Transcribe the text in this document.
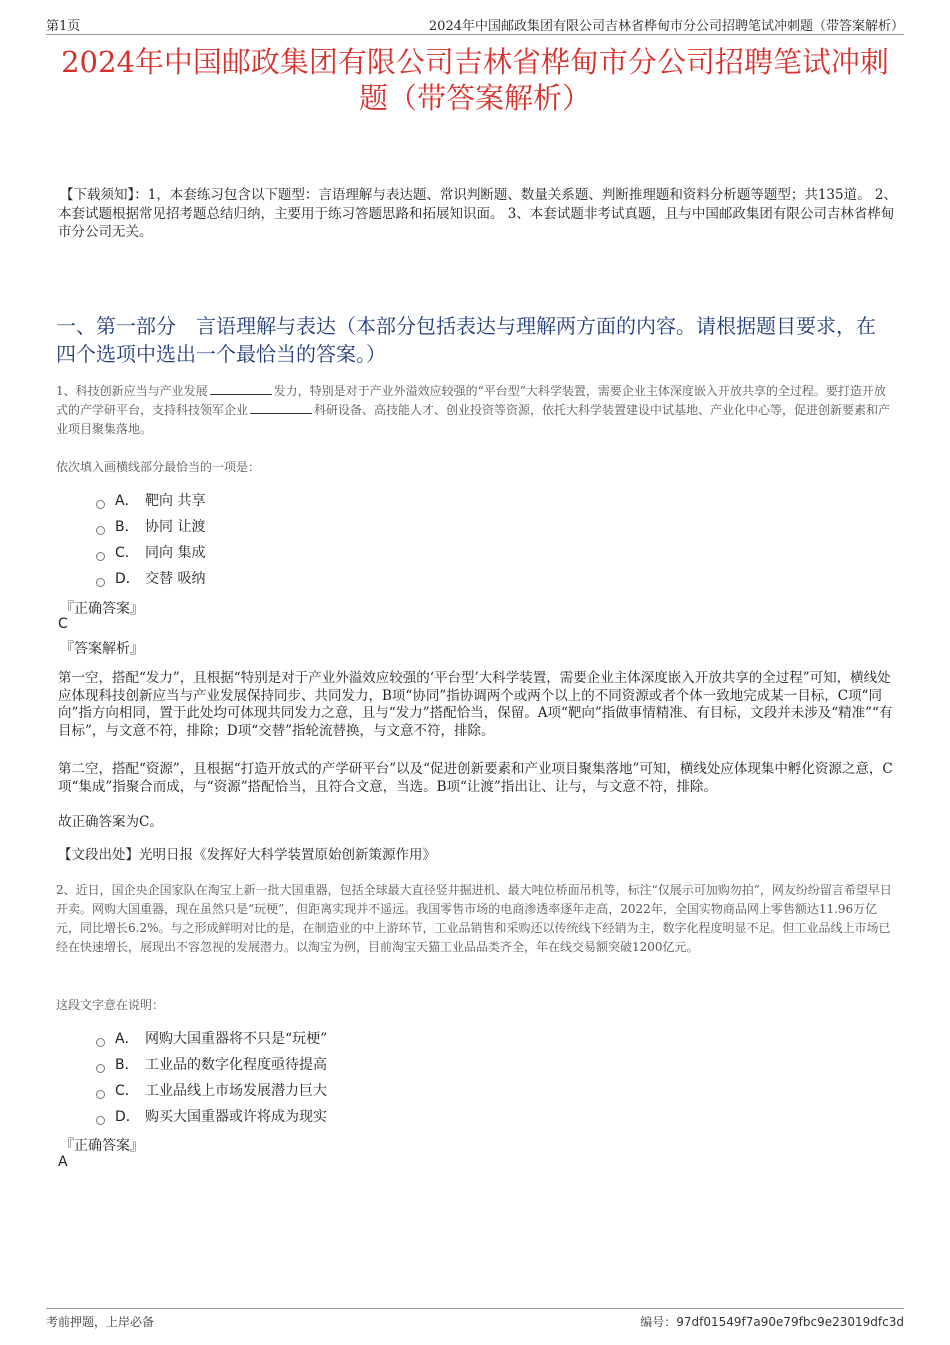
第1页	2024年中国邮政集团有限公司吉林省桦甸市分公司招聘笔试冲刺题（带答案解析）
2024年中国邮政集团有限公司吉林省桦甸市分公司招聘笔试冲刺题（带答案解析）
【下载须知】：1，本套练习包含以下题型：言语理解与表达题、常识判断题、数量关系题、判断推理题和资料分析题等题型；共135道。 2、本套试题根据常见招考题总结归纳，主要用于练习答题思路和拓展知识面。 3、本套试题非考试真题，且与中国邮政集团有限公司吉林省桦甸市分公司无关。
一、第一部分　言语理解与表达（本部分包括表达与理解两方面的内容。请根据题目要求，在四个选项中选出一个最恰当的答案。）
1、科技创新应当与产业发展	发力，特别是对于产业外溢效应较强的“平台型”大科学装置，需要企业主体深度嵌入开放共享的全过程。要打造开放式的产学研平台，支持科技领军企业	科研设备、高技能人才、创业投资等资源，依托大科学装置建设中试基地、产业化中心等，促进创新要素和产业项目聚集落地。
依次填入画横线部分最恰当的一项是：
A． 靶向 共享
B． 协同 让渡
C． 同向 集成
D． 交替 吸纳
『正确答案』
C
『答案解析』
第一空，搭配“发力”，且根据“特别是对于产业外溢效应较强的‘平台型’大科学装置，需要企业主体深度嵌入开放共享的全过程”可知，横线处应体现科技创新应当与产业发展保持同步、共同发力，B项“协同”指协调两个或两个以上的不同资源或者个体一致地完成某一目标，C项“同向”指方向相同，置于此处均可体现共同发力之意，且与“发力”搭配恰当，保留。A项“靶向”指做事情精准、有目标，文段并未涉及“精准”“有目标”，与文意不符，排除；D项“交替”指轮流替换，与文意不符，排除。
第二空，搭配“资源”，且根据“打造开放式的产学研平台”以及“促进创新要素和产业项目聚集落地”可知，横线处应体现集中孵化资源之意，C项“集成”指聚合而成，与“资源”搭配恰当，且符合文意，当选。B项“让渡”指出让、让与，与文意不符，排除。
故正确答案为C。
【文段出处】光明日报《发挥好大科学装置原始创新策源作用》
2、近日，国企央企国家队在淘宝上新一批大国重器，包括全球最大直径竖井掘进机、最大吨位桥面吊机等，标注“仅展示可加购勿拍”，网友纷纷留言希望早日开卖。网购大国重器，现在虽然只是“玩梗”，但距离实现并不遥远。我国零售市场的电商渗透率逐年走高，2022年，全国实物商品网上零售额达11.96万亿元，同比增长6.2%。与之形成鲜明对比的是，在制造业的中上游环节，工业品销售和采购还以传统线下经销为主，数字化程度明显不足。但工业品线上市场已经在快速增长，展现出不容忽视的发展潜力。以淘宝为例，目前淘宝天猫工业品品类齐全，年在线交易额突破1200亿元。
这段文字意在说明：
A． 网购大国重器将不只是“玩梗”
B． 工业品的数字化程度亟待提高
C． 工业品线上市场发展潜力巨大
D． 购买大国重器或许将成为现实
『正确答案』
A
考前押题，上岸必备	编号：97df01549f7a90e79fbc9e23019dfc3d
